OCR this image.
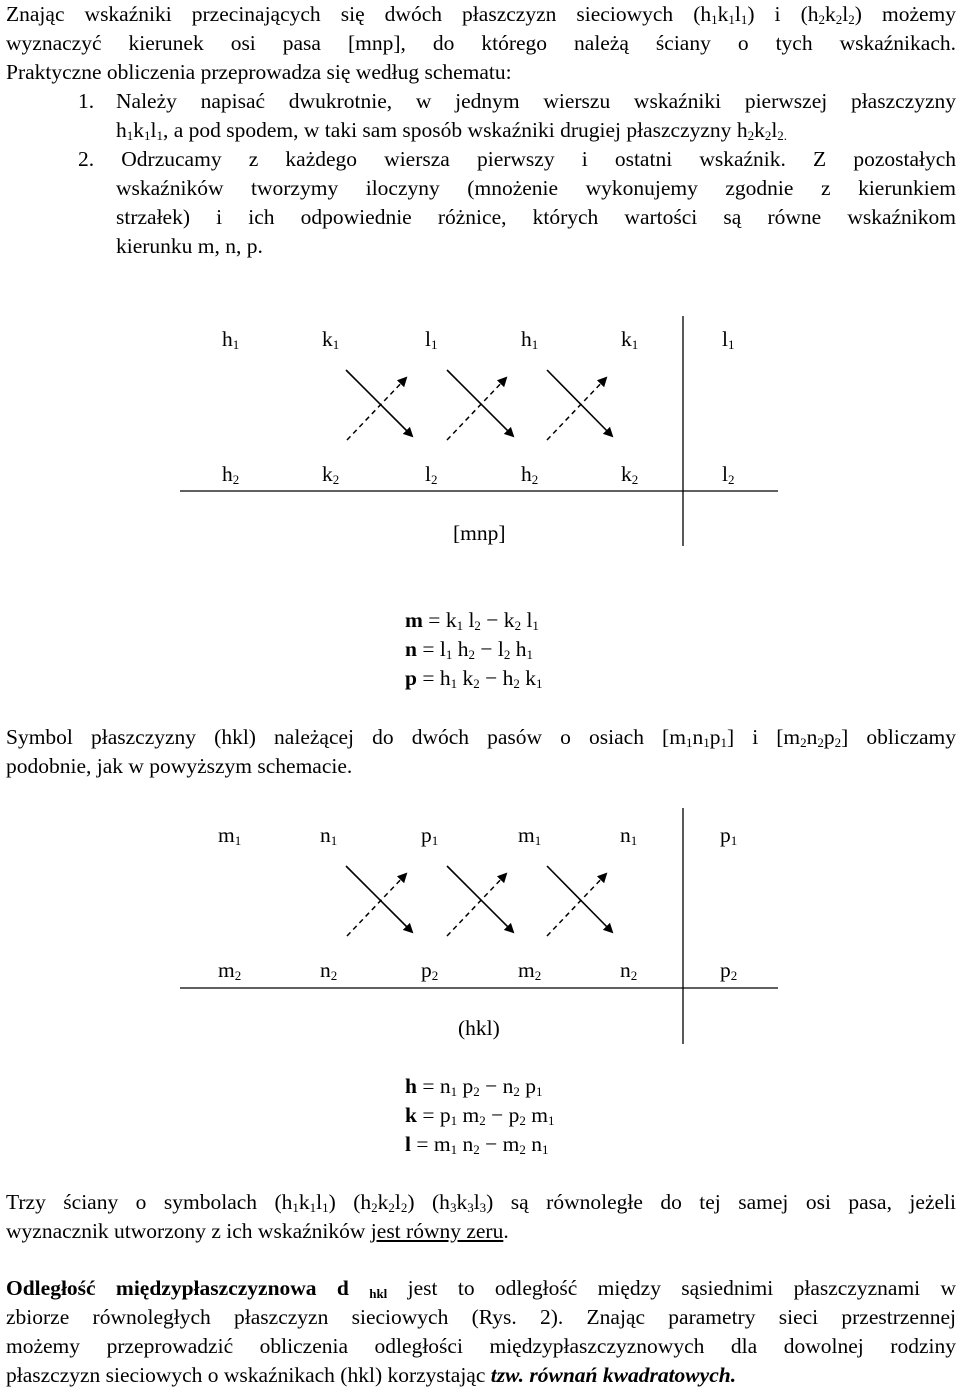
Znając wskaźniki przecinających się dwóch płaszczyzn sieciowych $(h_1k_1l_1)$ i $(h_2k_2l_2)$ możemy
wyznaczyć kierunek osi pasa [mnp], do którego należą ściany o tych wskaźnikach.
Praktyczne obliczenia przeprowadza się według schematu:
1. Należy napisać dwukrotnie, w jednym wierszu wskaźniki pierwszej płaszczyzny
$h_1k_1l_1$, a pod spodem, w taki sam sposób wskaźniki drugiej płaszczyzny $h_2k_2l_{2.}$
2. Odrzucamy z każdego wiersza pierwszy i ostatni wskaźnik. Z pozostałych
wskaźników tworzymy iloczyny (mnożenie wykonujemy zgodnie z kierunkiem
strzałek) i ich odpowiednie różnice, których wartości są równe wskaźnikom
kierunku m, n, p.
$h_1$	$k_1$	$l_1$	$h_1$	$k_1$	$l_1$
$h_2$	$k_2$	$l_2$	$h_2$	$k_2$	$l_2$
[mnp]
$m = k_1$ $l_2 - k_2$ $l_1$
$n = l_1$ $h_2 - l_2$ $h_1$
$p = h_1$ $k_2 - h_2$ $k_1$
Symbol płaszczyzny (hkl) należącej do dwóch pasów o osiach $[m_1n_1p_1]$ i $[m_2n_2p_2]$ obliczamy
podobnie, jak w powyższym schemacie.
$m_1$	$n_1$	$p_1$	$m_1$	$n_1$	$p_1$
$m_2$	$n_2$	$p_2$	$m_2$	$n_2$	$p_2$
(hkl)
$h = n_1$ $p_2 - n_2$ $p_1$
$k = p_1$ $m_2 - p_2$ $m_1$
$l = m_1$ $n_2 - m_2$ $n_1$
Trzy ściany o symbolach $(h_1k_1l_1)$ $(h_2k_2l_2)$ $(h_3k_3l_3)$ są równoległe do tej samej osi pasa, jeżeli
wyznacznik utworzony z ich wskaźników jest równy zeru.
Odległość międzypłaszczyznowa d $_{hkl}$ jest to odległość między sąsiednimi płaszczyznami w
zbiorze równoległych płaszczyzn sieciowych (Rys. 2). Znając parametry sieci przestrzennej
możemy przeprowadzić obliczenia odległości międzypłaszczyznowych dla dowolnej rodziny
płaszczyzn sieciowych o wskaźnikach (hkl) korzystając tzw. równań kwadratowych.
